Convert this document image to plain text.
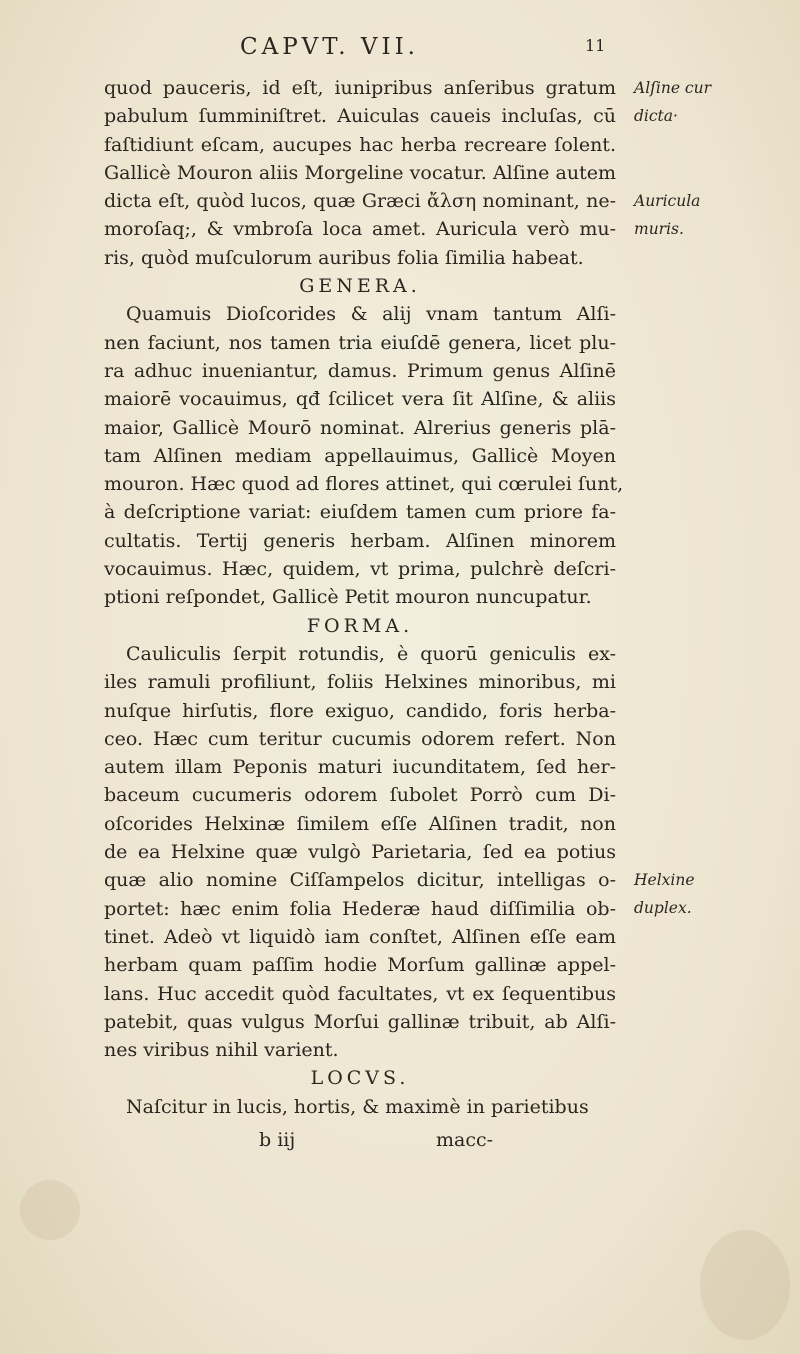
CAPVT. VII.	11
quod pauceris, id eſt, iunipribus anſeribus gratum
pabulum ſumminiſtret. Auiculas caueis incluſas, cū
faſtidiunt eſcam, aucupes hac herba recreare ſolent.
Gallicè Mouron aliis Morgeline vocatur. Alſine autem
dicta eſt, quòd lucos, quæ Græci ἄλση nominant, ne-
moroſaq;, & vmbroſa loca amet. Auricula verò mu-
ris, quòd muſculorum auribus folia ſimilia habeat.
GENERA.
Quamuis Dioſcorides & alij vnam tantum Alſi-
nen faciunt, nos tamen tria eiuſdē genera, licet plu-
ra adhuc inueniantur, damus. Primum genus Alſinē
maiorē vocauimus, qđ ſcilicet vera ſit Alſine, & aliis
maior, Gallicè Mourō nominat. Alrerius generis plā-
tam Alſinen mediam appellauimus, Gallicè Moyen
mouron. Hæc quod ad flores attinet, qui cœrulei ſunt,
à deſcriptione variat: eiuſdem tamen cum priore fa-
cultatis. Tertij generis herbam. Alſinen minorem
vocauimus. Hæc, quidem, vt prima, pulchrè deſcri-
ptioni reſpondet, Gallicè Petit mouron nuncupatur.
FORMA.
Cauliculis ſerpit rotundis, è quorū geniculis ex-
iles ramuli profiliunt, foliis Helxines minoribus, mi
nuſque hirſutis, flore exiguo, candido, foris herba-
ceo. Hæc cum teritur cucumis odorem refert. Non
autem illam Peponis maturi iucunditatem, ſed her-
baceum cucumeris odorem ſubolet Porrò cum Di-
oſcorides Helxinæ ſimilem eſſe Alſinen tradit, non
de ea Helxine quæ vulgò Parietaria, ſed ea potius
quæ alio nomine Ciſſampelos dicitur, intelligas o-
portet: hæc enim folia Hederæ haud diſſimilia ob-
tinet. Adeò vt liquidò iam conſtet, Alſinen eſſe eam
herbam quam paſſim hodie Morſum gallinæ appel-
lans. Huc accedit quòd facultates, vt ex ſequentibus
patebit, quas vulgus Morſui gallinæ tribuit, ab Alſi-
nes viribus nihil varient.
LOCVS.
Naſcitur in lucis, hortis, & maximè in parietibus
b iij	macc-
Alſine cur
dicta·
Auricula
muris.
Helxine
duplex.
